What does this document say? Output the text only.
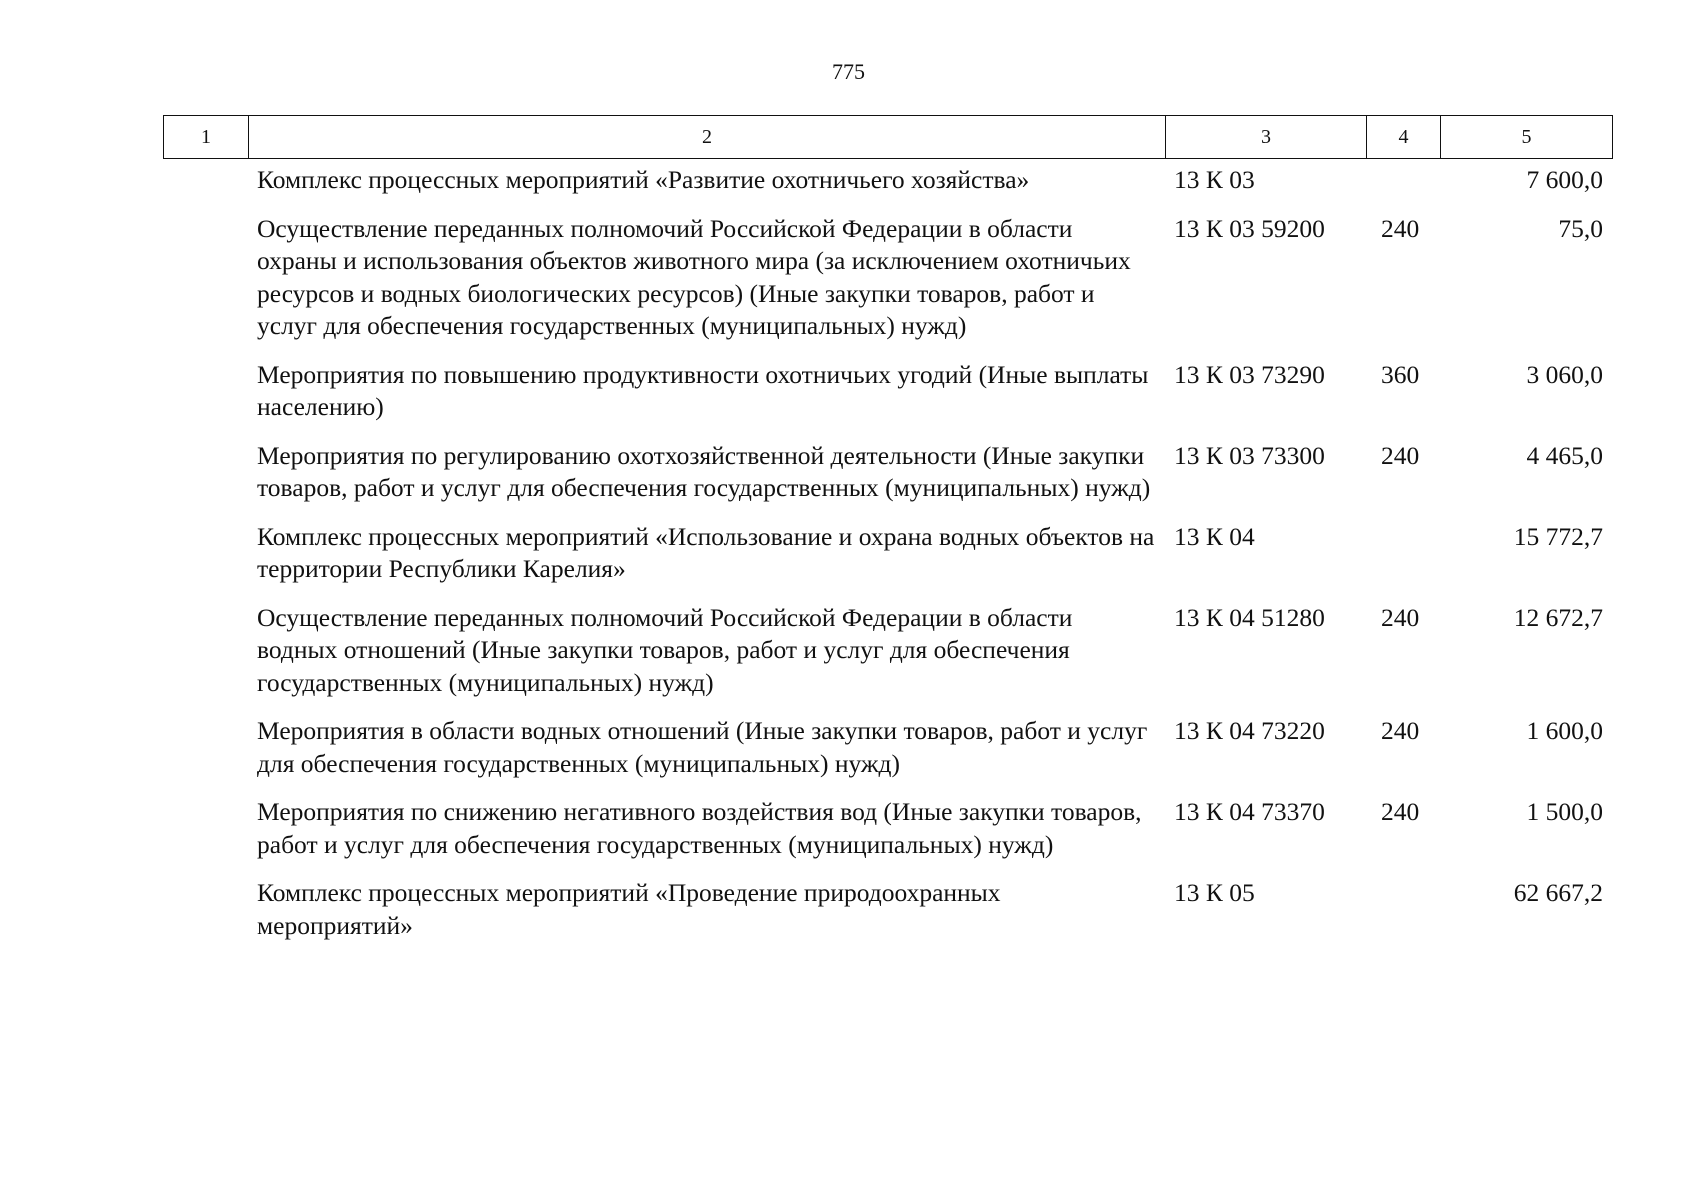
775
1	2	3	4	5
	Комплекс процессных мероприятий «Развитие охотничьего хозяйства»	13 К 03		7 600,0
	Осуществление переданных полномочий Российской Федерации в области охраны и использования объектов животного мира (за исключением охотничьих ресурсов и водных биологических ресурсов) (Иные закупки товаров, работ и услуг для обеспечения государственных (муниципальных) нужд)	13 К 03 59200	240	75,0
	Мероприятия по повышению продуктивности охотничьих угодий (Иные выплаты населению)	13 К 03 73290	360	3 060,0
	Мероприятия по регулированию охотхозяйственной деятельности (Иные закупки товаров, работ и услуг для обеспечения государственных (муниципальных) нужд)	13 К 03 73300	240	4 465,0
	Комплекс процессных мероприятий «Использование и охрана водных объектов на территории Республики Карелия»	13 К 04		15 772,7
	Осуществление переданных полномочий Российской Федерации в области водных отношений (Иные закупки товаров, работ и услуг для обеспечения государственных (муниципальных) нужд)	13 К 04 51280	240	12 672,7
	Мероприятия в области водных отношений (Иные закупки товаров, работ и услуг для обеспечения государственных (муниципальных) нужд)	13 К 04 73220	240	1 600,0
	Мероприятия по снижению негативного воздействия вод (Иные закупки товаров, работ и услуг для обеспечения государственных (муниципальных) нужд)	13 К 04 73370	240	1 500,0
	Комплекс процессных мероприятий «Проведение природоохранных мероприятий»	13 К 05		62 667,2
